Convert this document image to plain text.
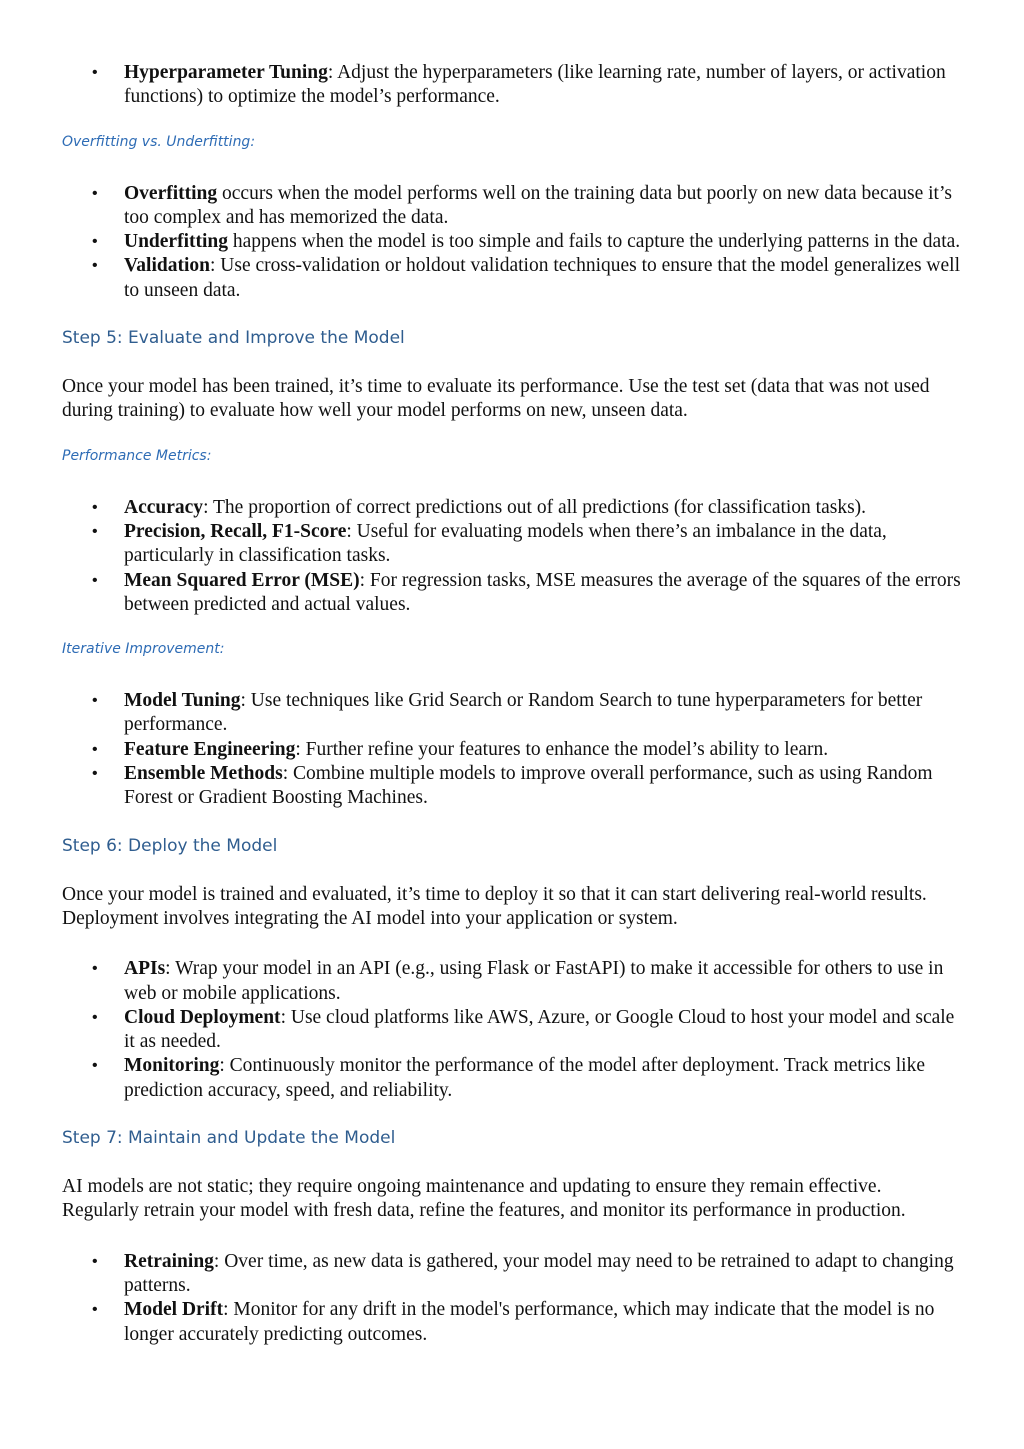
• Hyperparameter Tuning: Adjust the hyperparameters (like learning rate, number of layers, or activation functions) to optimize the model’s performance.
Overfitting vs. Underfitting:
• Overfitting occurs when the model performs well on the training data but poorly on new data because it’s too complex and has memorized the data.
• Underfitting happens when the model is too simple and fails to capture the underlying patterns in the data.
• Validation: Use cross-validation or holdout validation techniques to ensure that the model generalizes well to unseen data.
Step 5: Evaluate and Improve the Model

Once your model has been trained, it’s time to evaluate its performance. Use the test set (data that was not used during training) to evaluate how well your model performs on new, unseen data.

Performance Metrics:
• Accuracy: The proportion of correct predictions out of all predictions (for classification tasks).
• Precision, Recall, F1-Score: Useful for evaluating models when there’s an imbalance in the data, particularly in classification tasks.
• Mean Squared Error (MSE): For regression tasks, MSE measures the average of the squares of the errors between predicted and actual values.
Iterative Improvement:
• Model Tuning: Use techniques like Grid Search or Random Search to tune hyperparameters for better performance.
• Feature Engineering: Further refine your features to enhance the model’s ability to learn.
• Ensemble Methods: Combine multiple models to improve overall performance, such as using Random Forest or Gradient Boosting Machines.
Step 6: Deploy the Model

Once your model is trained and evaluated, it’s time to deploy it so that it can start delivering real-world results. Deployment involves integrating the AI model into your application or system.

• APIs: Wrap your model in an API (e.g., using Flask or FastAPI) to make it accessible for others to use in web or mobile applications.
• Cloud Deployment: Use cloud platforms like AWS, Azure, or Google Cloud to host your model and scale it as needed.
• Monitoring: Continuously monitor the performance of the model after deployment. Track metrics like prediction accuracy, speed, and reliability.
Step 7: Maintain and Update the Model

AI models are not static; they require ongoing maintenance and updating to ensure they remain effective. Regularly retrain your model with fresh data, refine the features, and monitor its performance in production.

• Retraining: Over time, as new data is gathered, your model may need to be retrained to adapt to changing patterns.
• Model Drift: Monitor for any drift in the model's performance, which may indicate that the model is no longer accurately predicting outcomes.
